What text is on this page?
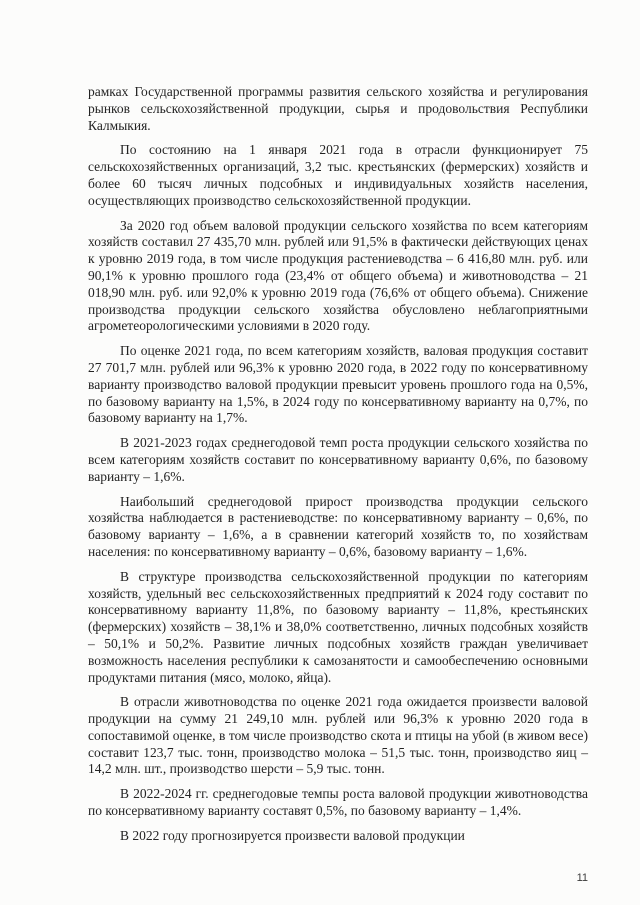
рамках Государственной программы развития сельского хозяйства и регулирования рынков сельскохозяйственной продукции, сырья и продовольствия Республики Калмыкия.

По состоянию на 1 января 2021 года в отрасли функционирует 75 сельскохозяйственных организаций, 3,2 тыс. крестьянских (фермерских) хозяйств и более 60 тысяч личных подсобных и индивидуальных хозяйств населения, осуществляющих производство сельскохозяйственной продукции.

За 2020 год объем валовой продукции сельского хозяйства по всем категориям хозяйств составил 27 435,70 млн. рублей или 91,5% в фактически действующих ценах к уровню 2019 года, в том числе продукция растениеводства – 6 416,80 млн. руб. или 90,1% к уровню прошлого года (23,4% от общего объема) и животноводства – 21 018,90 млн. руб. или 92,0% к уровню 2019 года (76,6% от общего объема). Снижение производства продукции сельского хозяйства обусловлено неблагоприятными агрометеорологическими условиями в 2020 году.

По оценке 2021 года, по всем категориям хозяйств, валовая продукция составит 27 701,7 млн. рублей или 96,3% к уровню 2020 года, в 2022 году по консервативному варианту производство валовой продукции превысит уровень прошлого года на 0,5%, по базовому варианту на 1,5%, в 2024 году по консервативному варианту на 0,7%, по базовому варианту на 1,7%.

В 2021-2023 годах среднегодовой темп роста продукции сельского хозяйства по всем категориям хозяйств составит по консервативному варианту 0,6%, по базовому варианту – 1,6%.

Наибольший среднегодовой прирост производства продукции сельского хозяйства наблюдается в растениеводстве: по консервативному варианту – 0,6%, по базовому варианту – 1,6%, а в сравнении категорий хозяйств то, по хозяйствам населения: по консервативному варианту – 0,6%, базовому варианту – 1,6%.

В структуре производства сельскохозяйственной продукции по категориям хозяйств, удельный вес сельскохозяйственных предприятий к 2024 году составит по консервативному варианту 11,8%, по базовому варианту – 11,8%, крестьянских (фермерских) хозяйств – 38,1% и 38,0% соответственно, личных подсобных хозяйств – 50,1% и 50,2%. Развитие личных подсобных хозяйств граждан увеличивает возможность населения республики к самозанятости и самообеспечению основными продуктами питания (мясо, молоко, яйца).

В отрасли животноводства по оценке 2021 года ожидается произвести валовой продукции на сумму 21 249,10 млн. рублей или 96,3% к уровню 2020 года в сопоставимой оценке, в том числе производство скота и птицы на убой (в живом весе) составит 123,7 тыс. тонн, производство молока – 51,5 тыс. тонн, производство яиц – 14,2 млн. шт., производство шерсти – 5,9 тыс. тонн.

В 2022-2024 гг. среднегодовые темпы роста валовой продукции животноводства по консервативному варианту составят 0,5%, по базовому варианту – 1,4%.

В 2022 году прогнозируется произвести валовой продукции

11
